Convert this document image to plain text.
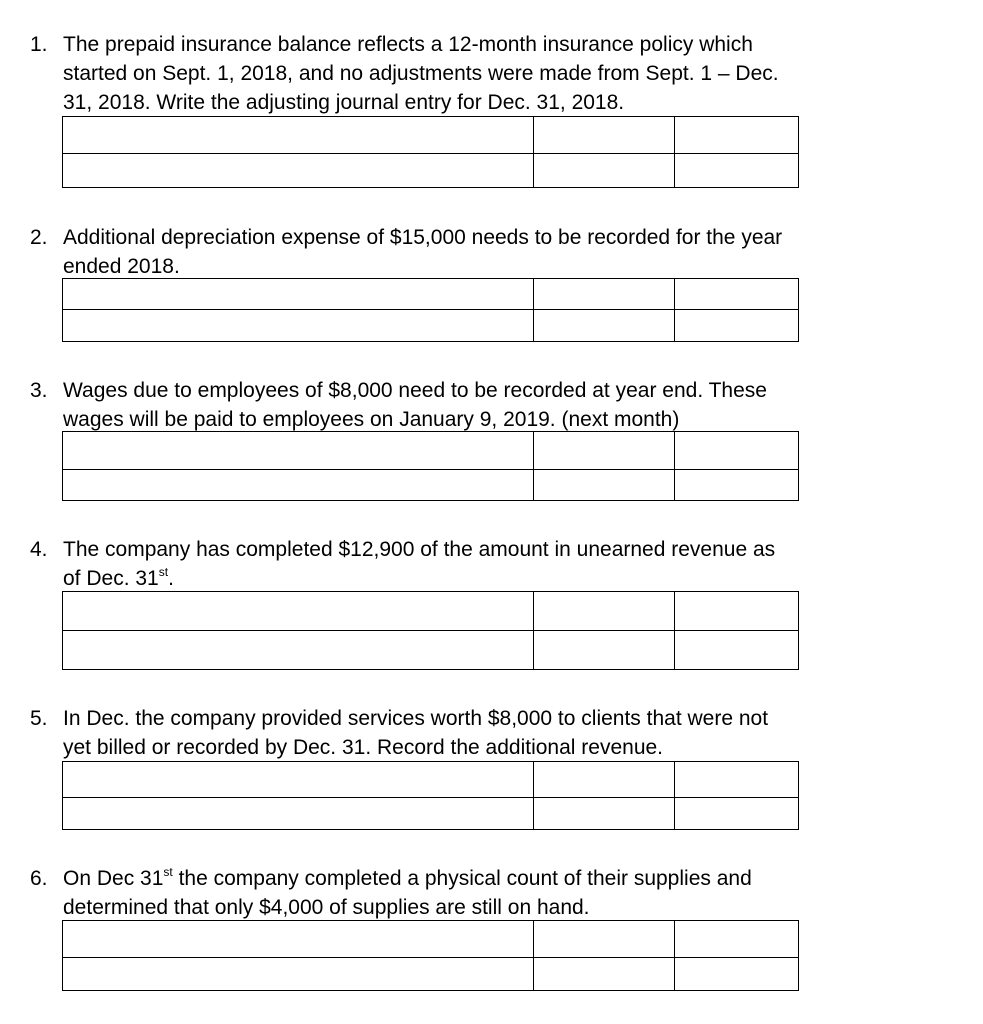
1. The prepaid insurance balance reflects a 12-month insurance policy which
started on Sept. 1, 2018, and no adjustments were made from Sept. 1 – Dec.
31, 2018. Write the adjusting journal entry for Dec. 31, 2018.

2. Additional depreciation expense of $15,000 needs to be recorded for the year
ended 2018.

3. Wages due to employees of $8,000 need to be recorded at year end. These
wages will be paid to employees on January 9, 2019. (next month)

4. The company has completed $12,900 of the amount in unearned revenue as
of Dec. 31st.

5. In Dec. the company provided services worth $8,000 to clients that were not
yet billed or recorded by Dec. 31. Record the additional revenue.

6. On Dec 31st the company completed a physical count of their supplies and
determined that only $4,000 of supplies are still on hand.
